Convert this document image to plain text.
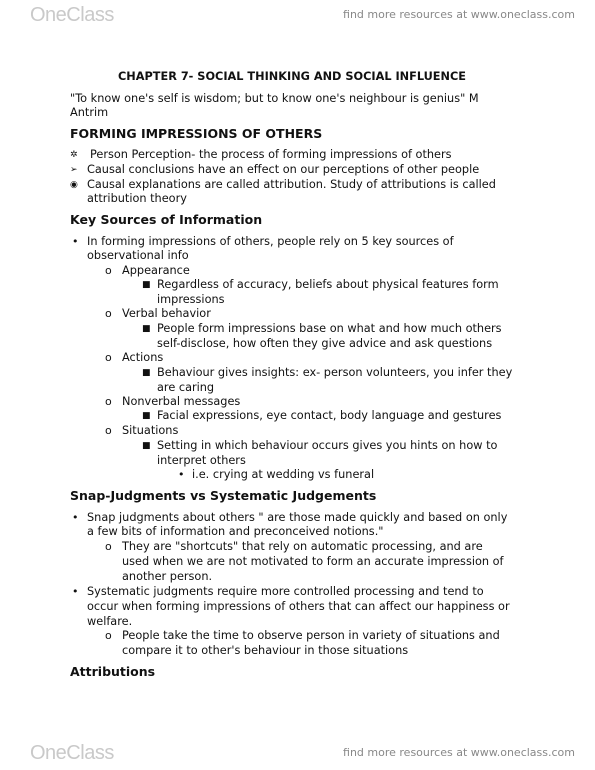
OneClass	find more resources at www.oneclass.com
CHAPTER 7- SOCIAL THINKING AND SOCIAL INFLUENCE
"To know one's self is wisdom; but to know one's neighbour is genius" M
Antrim
FORMING IMPRESSIONS OF OTHERS
✲ Person Perception- the process of forming impressions of others
➢ Causal conclusions have an effect on our perceptions of other people
◉ Causal explanations are called attribution. Study of attributions is called
attribution theory
Key Sources of Information
• In forming impressions of others, people rely on 5 key sources of
observational info
o Appearance
■ Regardless of accuracy, beliefs about physical features form
impressions
o Verbal behavior
■ People form impressions base on what and how much others
self-disclose, how often they give advice and ask questions
o Actions
■ Behaviour gives insights: ex- person volunteers, you infer they
are caring
o Nonverbal messages
■ Facial expressions, eye contact, body language and gestures
o Situations
■ Setting in which behaviour occurs gives you hints on how to
interpret others
• i.e. crying at wedding vs funeral
Snap-Judgments vs Systematic Judgements
• Snap judgments about others " are those made quickly and based on only
a few bits of information and preconceived notions."
o They are "shortcuts" that rely on automatic processing, and are
used when we are not motivated to form an accurate impression of
another person.
• Systematic judgments require more controlled processing and tend to
occur when forming impressions of others that can affect our happiness or
welfare.
o People take the time to observe person in variety of situations and
compare it to other's behaviour in those situations
Attributions
OneClass	find more resources at www.oneclass.com
